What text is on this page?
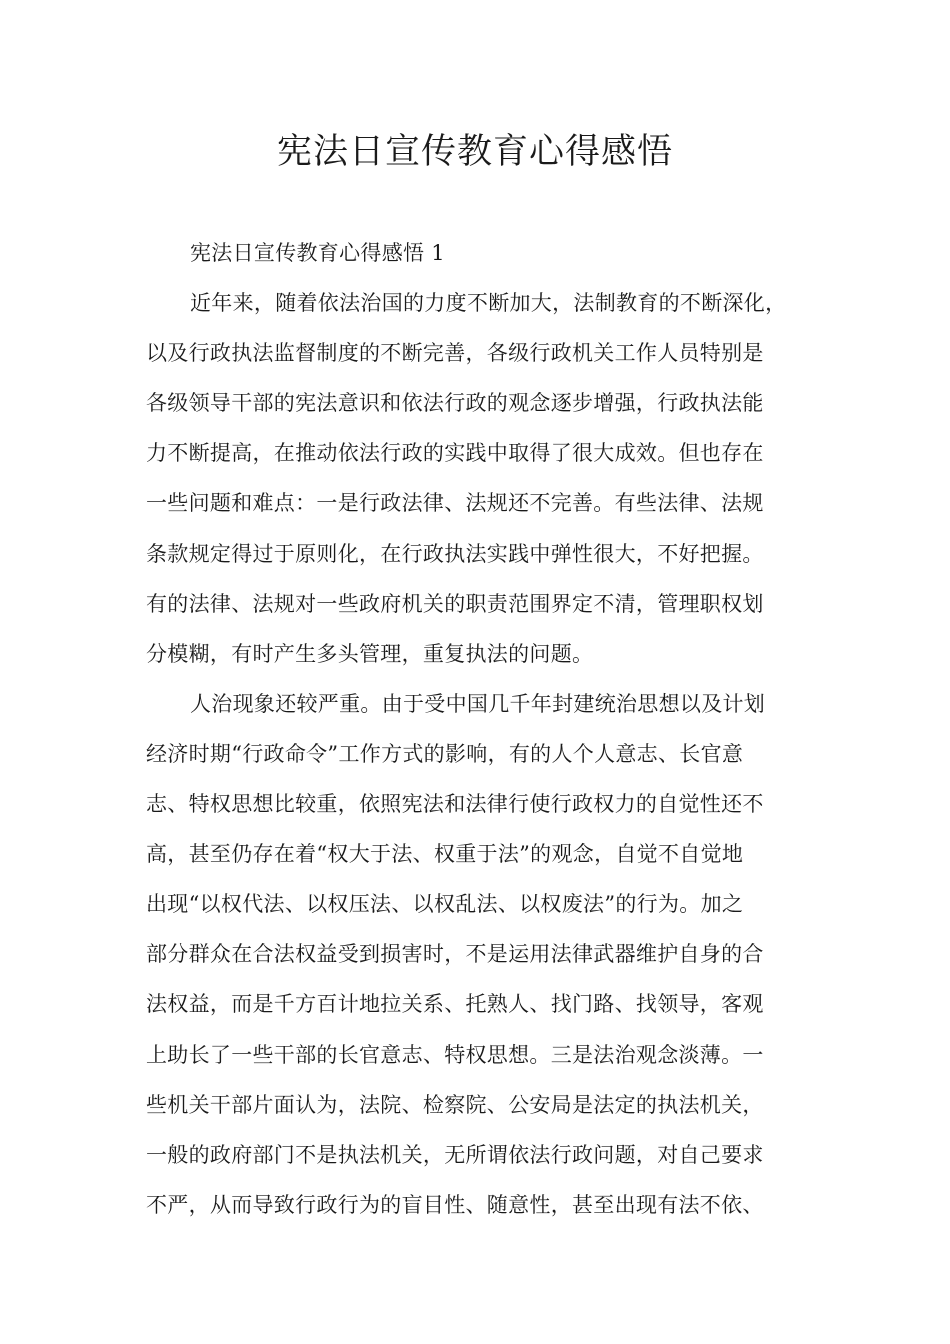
宪法日宣传教育心得感悟
宪法日宣传教育心得感悟 1
近年来，随着依法治国的力度不断加大，法制教育的不断深化，
以及行政执法监督制度的不断完善，各级行政机关工作人员特别是
各级领导干部的宪法意识和依法行政的观念逐步增强，行政执法能
力不断提高，在推动依法行政的实践中取得了很大成效。但也存在
一些问题和难点：一是行政法律、法规还不完善。有些法律、法规
条款规定得过于原则化，在行政执法实践中弹性很大，不好把握。
有的法律、法规对一些政府机关的职责范围界定不清，管理职权划
分模糊，有时产生多头管理，重复执法的问题。
人治现象还较严重。由于受中国几千年封建统治思想以及计划
经济时期“行政命令”工作方式的影响，有的人个人意志、长官意
志、特权思想比较重，依照宪法和法律行使行政权力的自觉性还不
高，甚至仍存在着“权大于法、权重于法”的观念，自觉不自觉地
出现“以权代法、以权压法、以权乱法、以权废法”的行为。加之
部分群众在合法权益受到损害时，不是运用法律武器维护自身的合
法权益，而是千方百计地拉关系、托熟人、找门路、找领导，客观
上助长了一些干部的长官意志、特权思想。三是法治观念淡薄。一
些机关干部片面认为，法院、检察院、公安局是法定的执法机关，
一般的政府部门不是执法机关，无所谓依法行政问题，对自己要求
不严，从而导致行政行为的盲目性、随意性，甚至出现有法不依、
